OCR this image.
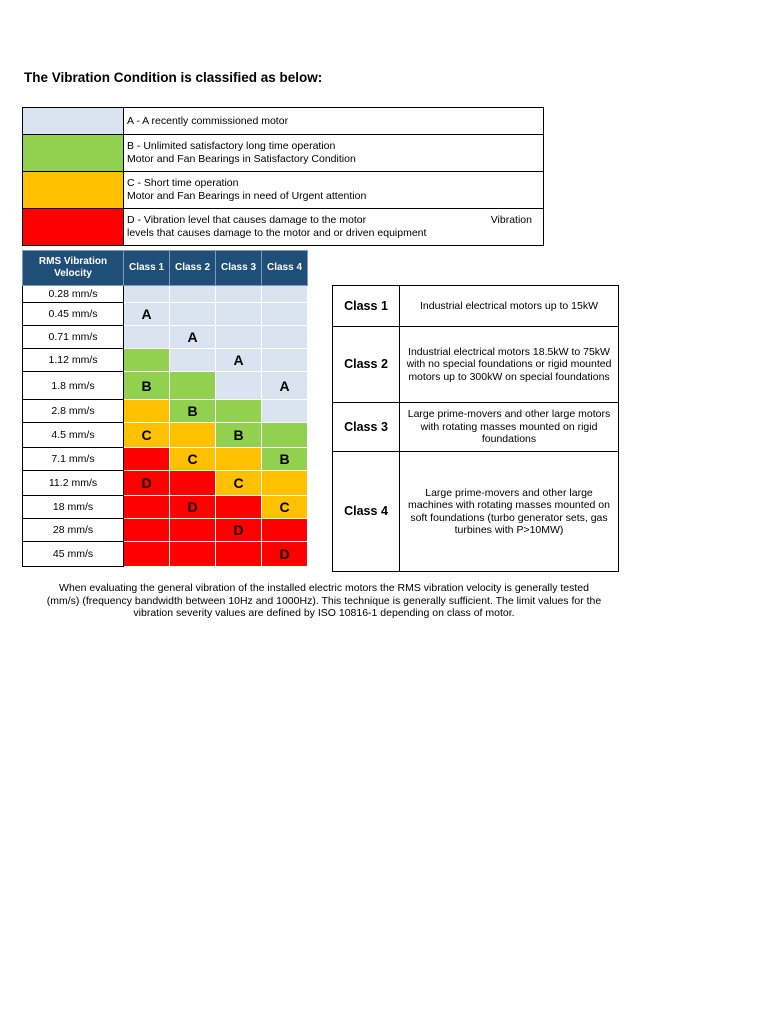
The Vibration Condition is classified as below:

	A - A recently commissioned motor

	B - Unlimited satisfactory long time operation
Motor and Fan Bearings in Satisfactory Condition

	C - Short time operation
Motor and Fan Bearings in need of Urgent attention

	D - Vibration level that causes damage to the motor Vibration
levels that causes damage to the motor and or driven equipment
RMS Vibration Velocity	Class 1	Class 2	Class 3	Class 4
0.28 mm/s				
0.45 mm/s	A			
0.71 mm/s		A		
1.12 mm/s			A	
1.8 mm/s	B			A
2.8 mm/s		B		
4.5 mm/s	C		B	
7.1 mm/s		C		B
11.2 mm/s	D		C	
18 mm/s		D		C
28 mm/s			D	
45 mm/s				D
Class 1	Industrial electrical motors up to 15kW

Class 2	Industrial electrical motors 18.5kW to 75kW
with no special foundations or rigid mounted
motors up to 300kW on special foundations

Class 3	Large prime-movers and other large motors
with rotating masses mounted on rigid
foundations

Class 4	Large prime-movers and other large
machines with rotating masses mounted on
soft foundations (turbo generator sets, gas
turbines with P>10MW)
When evaluating the general vibration of the installed electric motors the RMS vibration velocity is generally tested
(mm/s) (frequency bandwidth between 10Hz and 1000Hz). This technique is generally sufficient. The limit values for the
vibration severity values are defined by ISO 10816-1 depending on class of motor.
